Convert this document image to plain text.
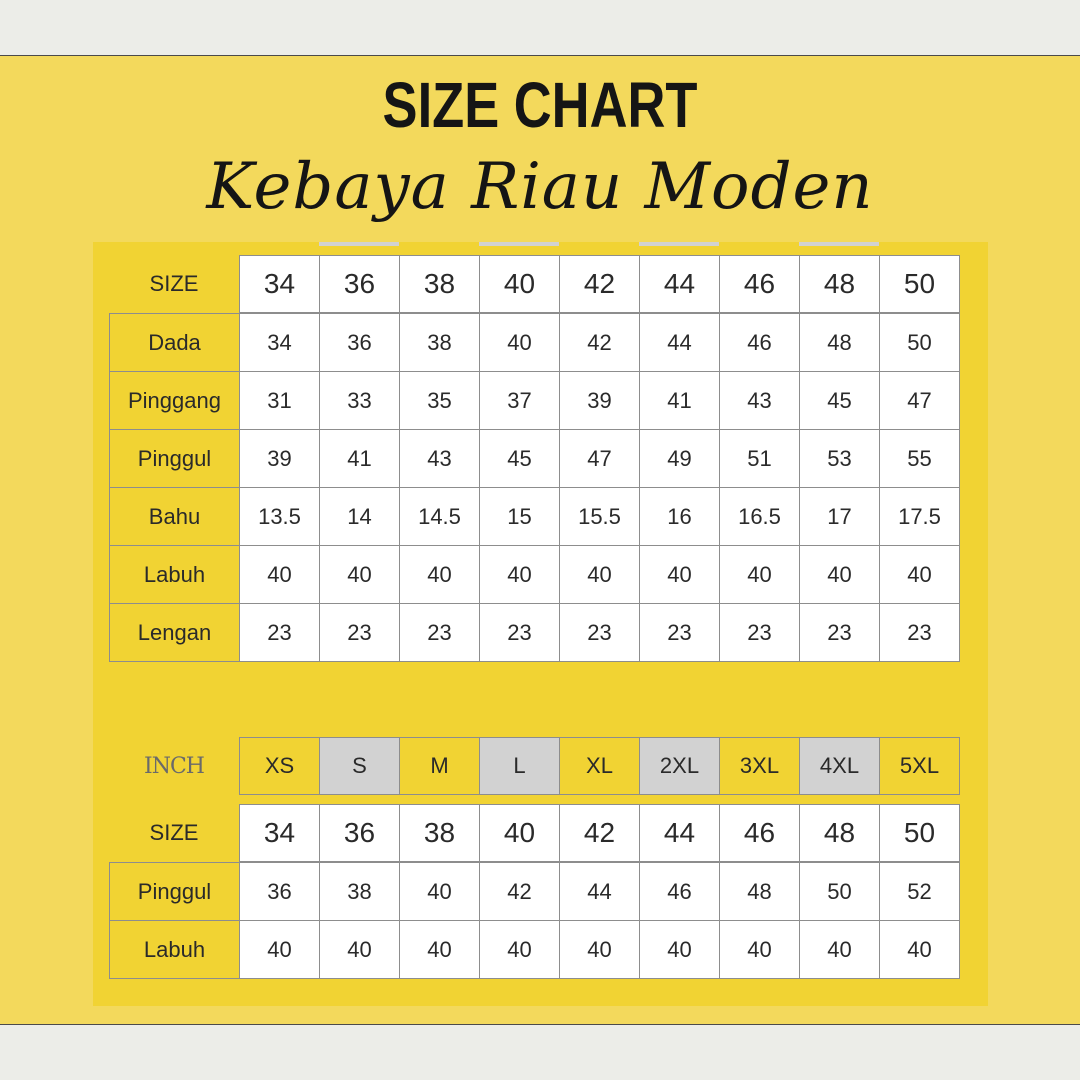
SIZE CHART
Kebaya Riau Moden
SIZE	34	36	38	40	42	44	46	48	50
Dada	34	36	38	40	42	44	46	48	50
Pinggang	31	33	35	37	39	41	43	45	47
Pinggul	39	41	43	45	47	49	51	53	55
Bahu	13.5	14	14.5	15	15.5	16	16.5	17	17.5
Labuh	40	40	40	40	40	40	40	40	40
Lengan	23	23	23	23	23	23	23	23	23
INCH	XS	S	M	L	XL	2XL	3XL	4XL	5XL
SIZE	34	36	38	40	42	44	46	48	50
Pinggul	36	38	40	42	44	46	48	50	52
Labuh	40	40	40	40	40	40	40	40	40
